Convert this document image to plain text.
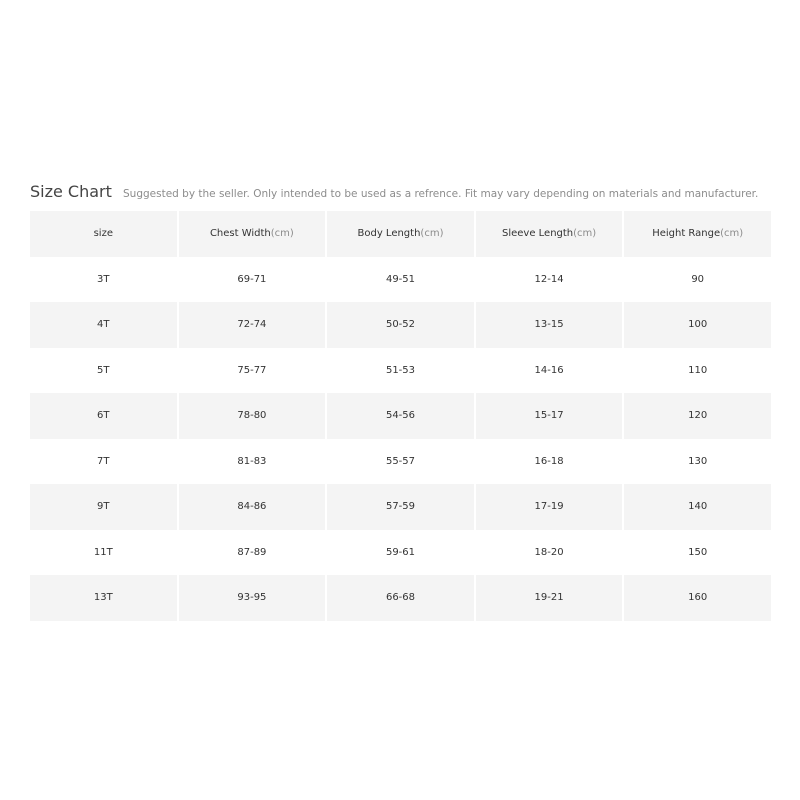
Size Chart Suggested by the seller. Only intended to be used as a refrence. Fit may vary depending on materials and manufacturer.
size	Chest Width(cm)	Body Length(cm)	Sleeve Length(cm)	Height Range(cm)
3T	69-71	49-51	12-14	90
4T	72-74	50-52	13-15	100
5T	75-77	51-53	14-16	110
6T	78-80	54-56	15-17	120
7T	81-83	55-57	16-18	130
9T	84-86	57-59	17-19	140
11T	87-89	59-61	18-20	150
13T	93-95	66-68	19-21	160
